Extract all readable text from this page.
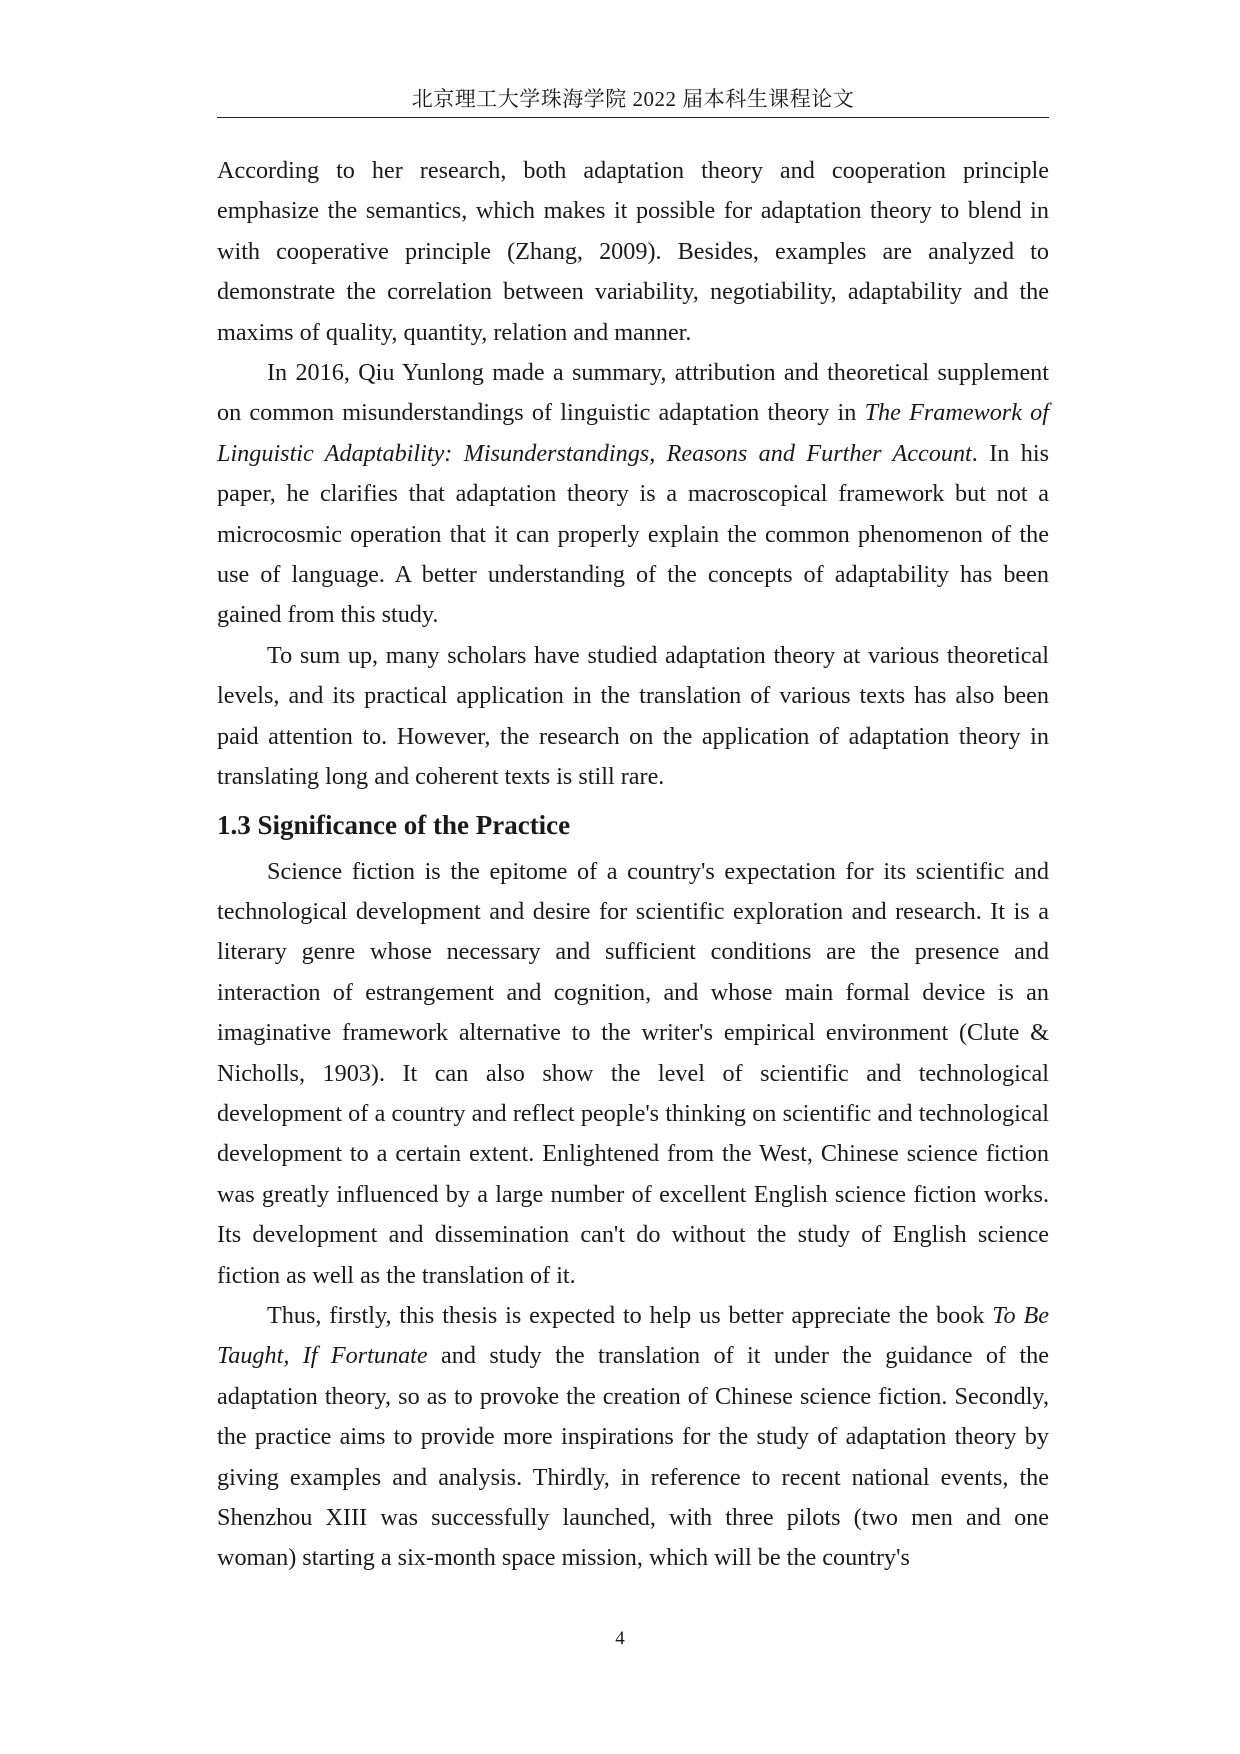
北京理工大学珠海学院 2022 届本科生课程论文

According to her research, both adaptation theory and cooperation principle emphasize the semantics, which makes it possible for adaptation theory to blend in with cooperative principle (Zhang, 2009). Besides, examples are analyzed to demonstrate the correlation between variability, negotiability, adaptability and the maxims of quality, quantity, relation and manner.

In 2016, Qiu Yunlong made a summary, attribution and theoretical supplement on common misunderstandings of linguistic adaptation theory in The Framework of Linguistic Adaptability: Misunderstandings, Reasons and Further Account. In his paper, he clarifies that adaptation theory is a macroscopical framework but not a microcosmic operation that it can properly explain the common phenomenon of the use of language. A better understanding of the concepts of adaptability has been gained from this study.

To sum up, many scholars have studied adaptation theory at various theoretical levels, and its practical application in the translation of various texts has also been paid attention to. However, the research on the application of adaptation theory in translating long and coherent texts is still rare.

1.3 Significance of the Practice

Science fiction is the epitome of a country's expectation for its scientific and technological development and desire for scientific exploration and research. It is a literary genre whose necessary and sufficient conditions are the presence and interaction of estrangement and cognition, and whose main formal device is an imaginative framework alternative to the writer's empirical environment (Clute & Nicholls, 1903). It can also show the level of scientific and technological development of a country and reflect people's thinking on scientific and technological development to a certain extent. Enlightened from the West, Chinese science fiction was greatly influenced by a large number of excellent English science fiction works. Its development and dissemination can't do without the study of English science fiction as well as the translation of it.

Thus, firstly, this thesis is expected to help us better appreciate the book To Be Taught, If Fortunate and study the translation of it under the guidance of the adaptation theory, so as to provoke the creation of Chinese science fiction. Secondly, the practice aims to provide more inspirations for the study of adaptation theory by giving examples and analysis. Thirdly, in reference to recent national events, the Shenzhou XIII was successfully launched, with three pilots (two men and one woman) starting a six-month space mission, which will be the country's

4
